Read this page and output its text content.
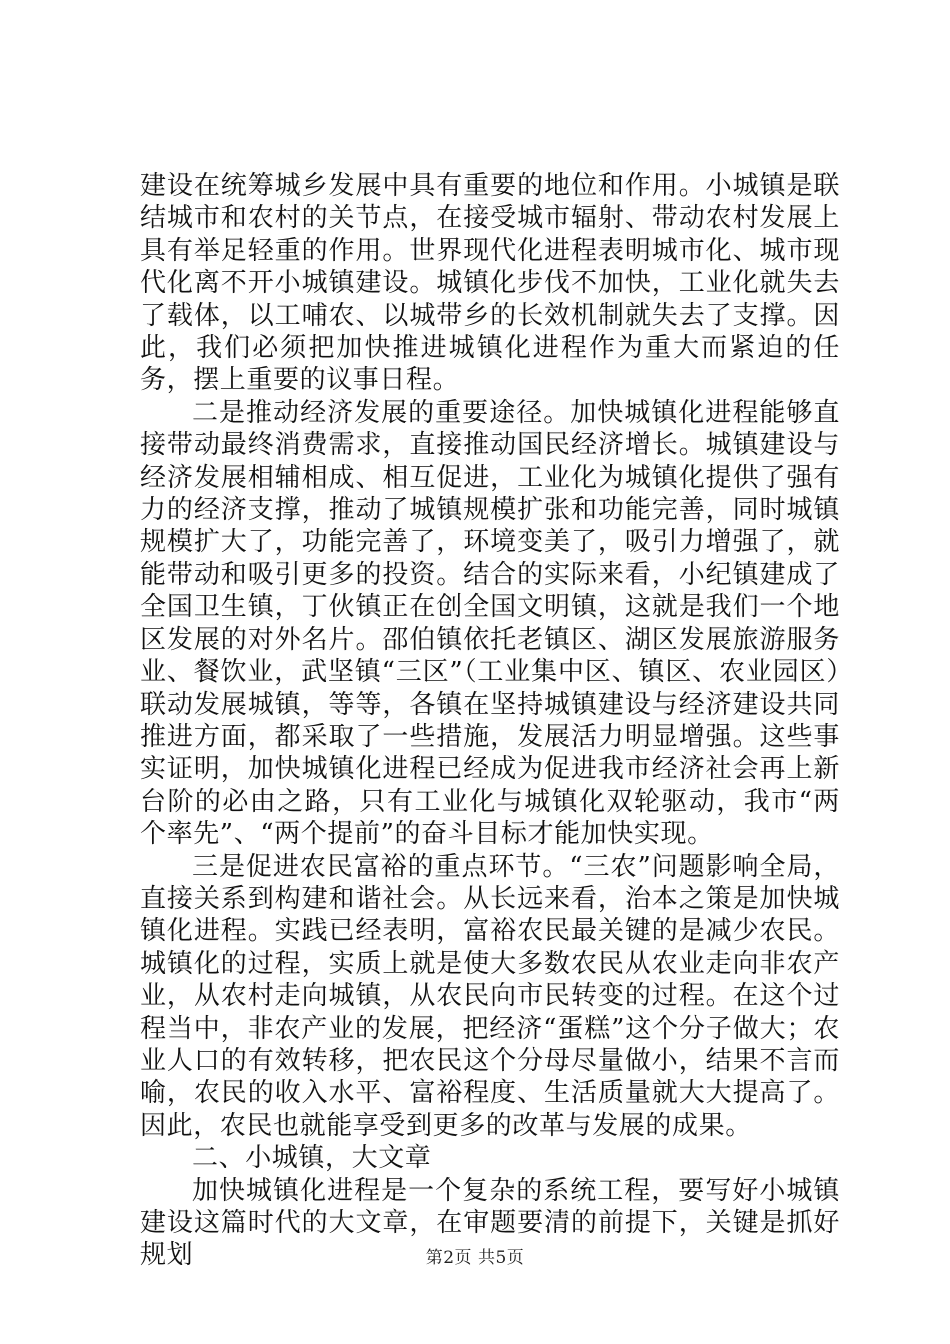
建设在统筹城乡发展中具有重要的地位和作用。小城镇是联结城市和农村的关节点，在接受城市辐射、带动农村发展上具有举足轻重的作用。世界现代化进程表明城市化、城市现代化离不开小城镇建设。城镇化步伐不加快，工业化就失去了载体，以工哺农、以城带乡的长效机制就失去了支撑。因此，我们必须把加快推进城镇化进程作为重大而紧迫的任务，摆上重要的议事日程。

二是推动经济发展的重要途径。加快城镇化进程能够直接带动最终消费需求，直接推动国民经济增长。城镇建设与经济发展相辅相成、相互促进，工业化为城镇化提供了强有力的经济支撑，推动了城镇规模扩张和功能完善，同时城镇规模扩大了，功能完善了，环境变美了，吸引力增强了，就能带动和吸引更多的投资。结合的实际来看，小纪镇建成了全国卫生镇，丁伙镇正在创全国文明镇，这就是我们一个地区发展的对外名片。邵伯镇依托老镇区、湖区发展旅游服务业、餐饮业，武坚镇“三区”（工业集中区、镇区、农业园区）联动发展城镇，等等，各镇在坚持城镇建设与经济建设共同推进方面，都采取了一些措施，发展活力明显增强。这些事实证明，加快城镇化进程已经成为促进我市经济社会再上新台阶的必由之路，只有工业化与城镇化双轮驱动，我市“两个率先”、“两个提前”的奋斗目标才能加快实现。

三是促进农民富裕的重点环节。“三农”问题影响全局，直接关系到构建和谐社会。从长远来看，治本之策是加快城镇化进程。实践已经表明，富裕农民最关键的是减少农民。城镇化的过程，实质上就是使大多数农民从农业走向非农产业，从农村走向城镇，从农民向市民转变的过程。在这个过程当中，非农产业的发展，把经济“蛋糕”这个分子做大；农业人口的有效转移，把农民这个分母尽量做小，结果不言而喻，农民的收入水平、富裕程度、生活质量就大大提高了。因此，农民也就能享受到更多的改革与发展的成果。

二、小城镇，大文章

加快城镇化进程是一个复杂的系统工程，要写好小城镇建设这篇时代的大文章，在审题要清的前提下，关键是抓好规划	第2页 共5页
